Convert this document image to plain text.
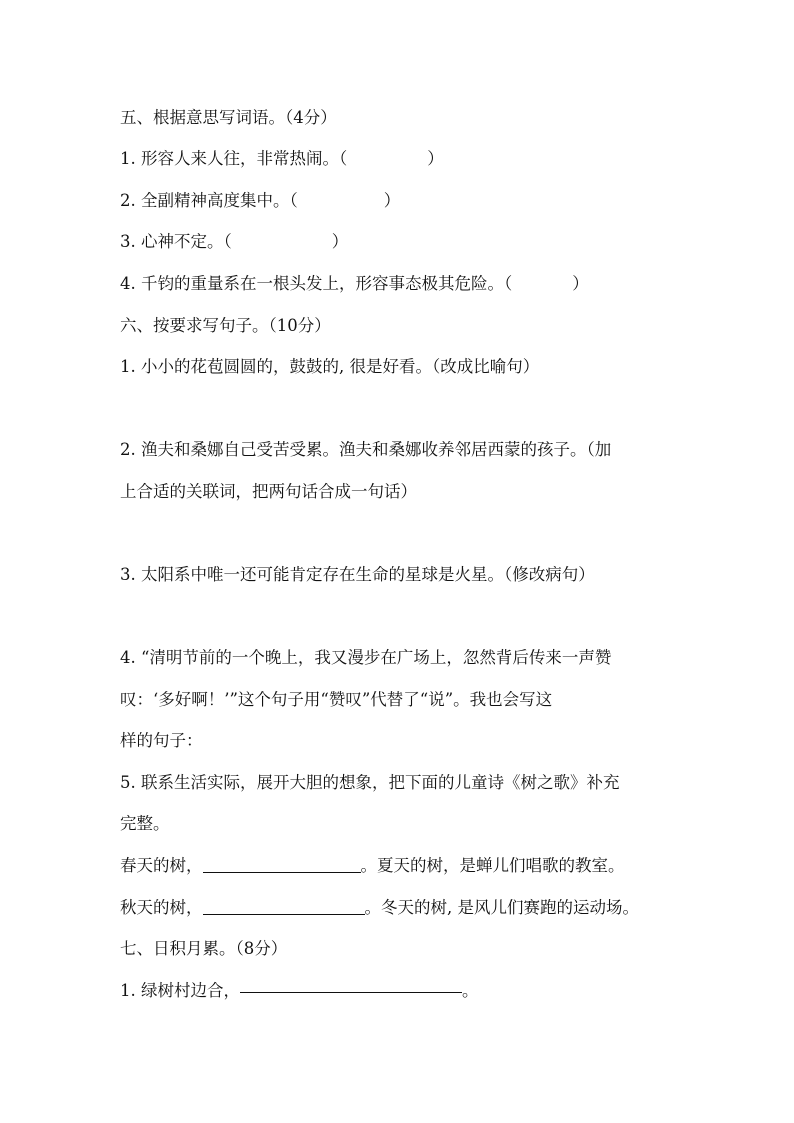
五、根据意思写词语。（4分）
1. 形容人来人往，非常热闹。（	）
2. 全副精神高度集中。（	）
3. 心神不定。（	）
4. 千钧的重量系在一根头发上，形容事态极其危险。（	）
六、按要求写句子。（10分）
1. 小小的花苞圆圆的，鼓鼓的, 很是好看。（改成比喻句）
2. 渔夫和桑娜自己受苦受累。渔夫和桑娜收养邻居西蒙的孩子。（加
上合适的关联词，把两句话合成一句话）
3. 太阳系中唯一还可能肯定存在生命的星球是火星。（修改病句）
4. “清明节前的一个晚上，我又漫步在广场上，忽然背后传来一声赞
叹：‘多好啊！’”这个句子用“赞叹”代替了“说”。我也会写这
样的句子：
5. 联系生活实际，展开大胆的想象，把下面的儿童诗《树之歌》补充
完整。
春天的树，	。夏天的树，是蝉儿们唱歌的教室。
秋天的树，	。冬天的树, 是风儿们赛跑的运动场。
七、日积月累。（8分）
1. 绿树村边合，	。
